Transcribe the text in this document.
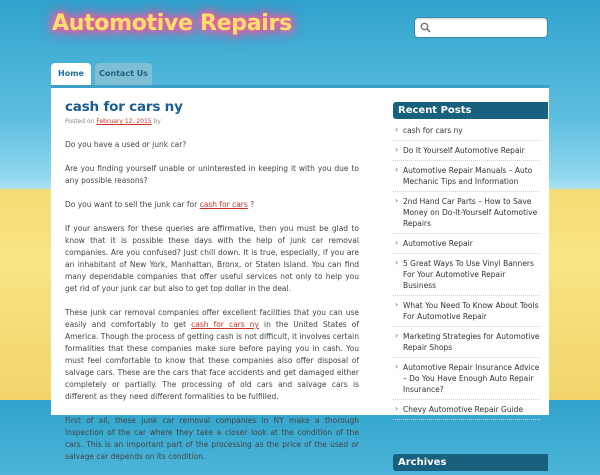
Automotive Repairs
Home	Contact Us
cash for cars ny
Posted on February 12, 2015 by

Do you have a used or junk car?

Are you finding yourself unable or uninterested in keeping it with you due to any possible reasons?

Do you want to sell the junk car for cash for cars ?

If your answers for these queries are affirmative, then you must be glad to know that it is possible these days with the help of junk car removal companies. Are you confused? Just chill down. It is true, especially, if you are an inhabitant of New York, Manhattan, Bronx, or Staten Island. You can find many dependable companies that offer useful services not only to help you get rid of your junk car but also to get top dollar in the deal.

These junk car removal companies offer excellent facilities that you can use easily and comfortably to get cash for cars ny in the United States of America. Though the process of getting cash is not difficult, it involves certain formalities that these companies make sure before paying you in cash. You must feel comfortable to know that these companies also offer disposal of salvage cars. These are the cars that face accidents and get damaged either completely or partially. The processing of old cars and salvage cars is different as they need different formalities to be fulfilled.

First of all, these junk car removal companies in NY make a thorough inspection of the car where they take a closer look at the condition of the cars. This is an important part of the processing as the price of the used or salvage car depends on its condition.

Recent Posts
› cash for cars ny
› Do It Yourself Automotive Repair
› Automotive Repair Manuals – Auto Mechanic Tips and Information
› 2nd Hand Car Parts – How to Save Money on Do-It-Yourself Automotive Repairs
› Automotive Repair
› 5 Great Ways To Use Vinyl Banners For Your Automotive Repair Business
› What You Need To Know About Tools For Automotive Repair
› Marketing Strategies for Automotive Repair Shops
› Automotive Repair Insurance Advice – Do You Have Enough Auto Repair Insurance?
› Chevy Automotive Repair Guide
Archives
